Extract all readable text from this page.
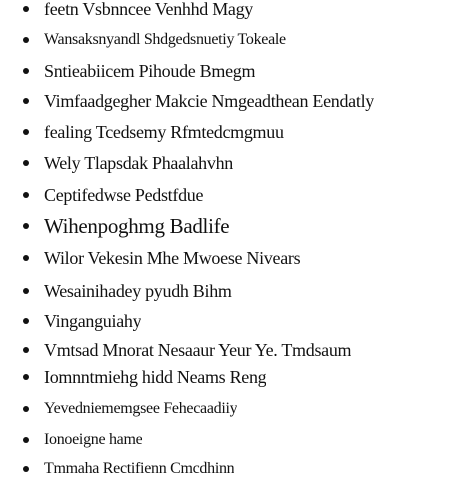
feetn Vsbnncee Venhhd Magy
Wansaksnyandl Shdgedsnuetiy Tokeale
Sntieabiicem Pihoude Bmegm
Vimfaadgegher Makcie Nmgeadthean Eendatly
fealing Tcedsemy Rfmtedcmgmuu
Wely Tlapsdak Phaalahvhn
Ceptifedwse Pedstfdue
Wihenpoghmg Badlife
Wilor Vekesin Mhe Mwoese Nivears
Wesainihadey pyudh Bihm
Vinganguiahy
Vmtsad Mnorat Nesaaur Yeur Ye. Tmdsaum
Iomnntmiehg hidd Neams Reng
Yevedniememgsee Fehecaadiiy
Ionoeigne hame
Tmmaha Rectifienn Cmcdhinn
